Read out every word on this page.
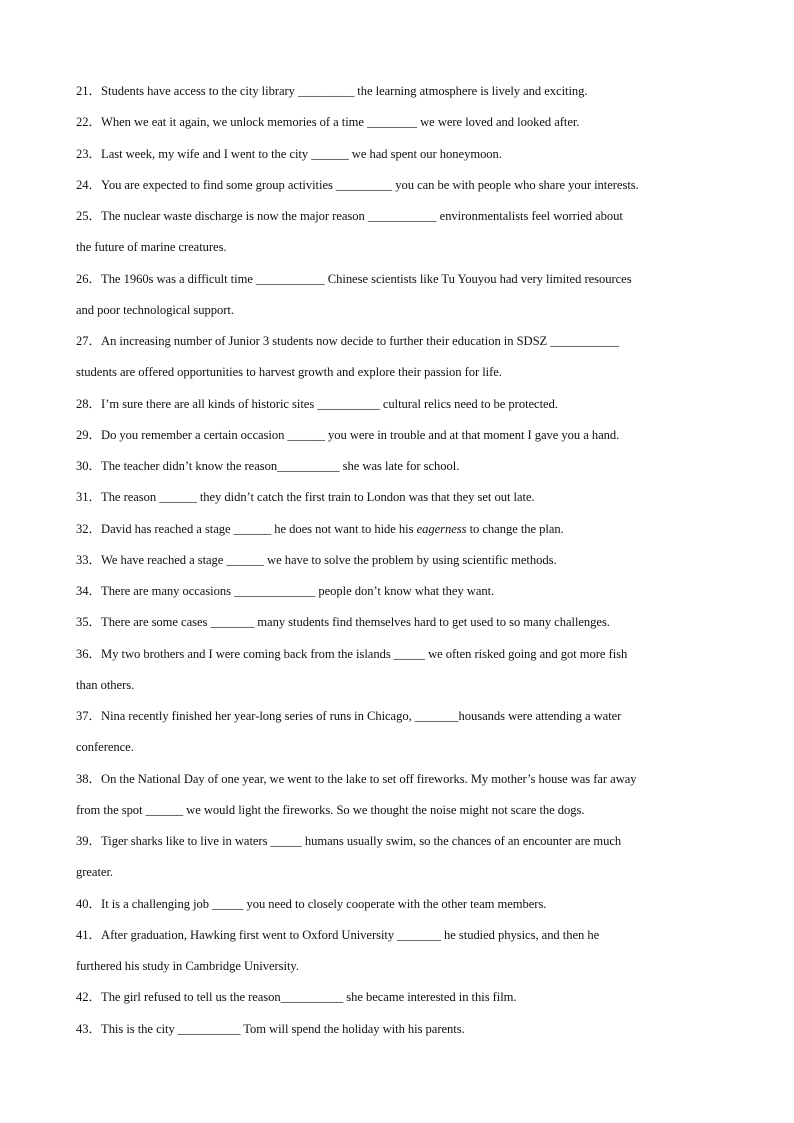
21．Students have access to the city library _________ the learning atmosphere is lively and exciting.
22．When we eat it again, we unlock memories of a time ________ we were loved and looked after.
23．Last week, my wife and I went to the city ______ we had spent our honeymoon.
24．You are expected to find some group activities _________ you can be with people who share your interests.
25．The nuclear waste discharge is now the major reason ___________ environmentalists feel worried about
the future of marine creatures.
26．The 1960s was a difficult time ___________ Chinese scientists like Tu Youyou had very limited resources
and poor technological support.
27．An increasing number of Junior 3 students now decide to further their education in SDSZ ___________
students are offered opportunities to harvest growth and explore their passion for life.
28．I’m sure there are all kinds of historic sites __________ cultural relics need to be protected.
29．Do you remember a certain occasion ______ you were in trouble and at that moment I gave you a hand.
30．The teacher didn’t know the reason__________ she was late for school.
31．The reason ______ they didn’t catch the first train to London was that they set out late.
32．David has reached a stage ______ he does not want to hide his eagerness to change the plan.
33．We have reached a stage ______ we have to solve the problem by using scientific methods.
34．There are many occasions _____________ people don’t know what they want.
35．There are some cases _______ many students find themselves hard to get used to so many challenges.
36．My two brothers and I were coming back from the islands _____ we often risked going and got more fish
than others.
37．Nina recently finished her year-long series of runs in Chicago, _______housands were attending a water
conference.
38．On the National Day of one year, we went to the lake to set off fireworks. My mother’s house was far away
from the spot ______ we would light the fireworks. So we thought the noise might not scare the dogs.
39．Tiger sharks like to live in waters _____ humans usually swim, so the chances of an encounter are much
greater.
40．It is a challenging job _____ you need to closely cooperate with the other team members.
41．After graduation, Hawking first went to Oxford University _______ he studied physics, and then he
furthered his study in Cambridge University.
42．The girl refused to tell us the reason__________ she became interested in this film.
43．This is the city __________ Tom will spend the holiday with his parents.
